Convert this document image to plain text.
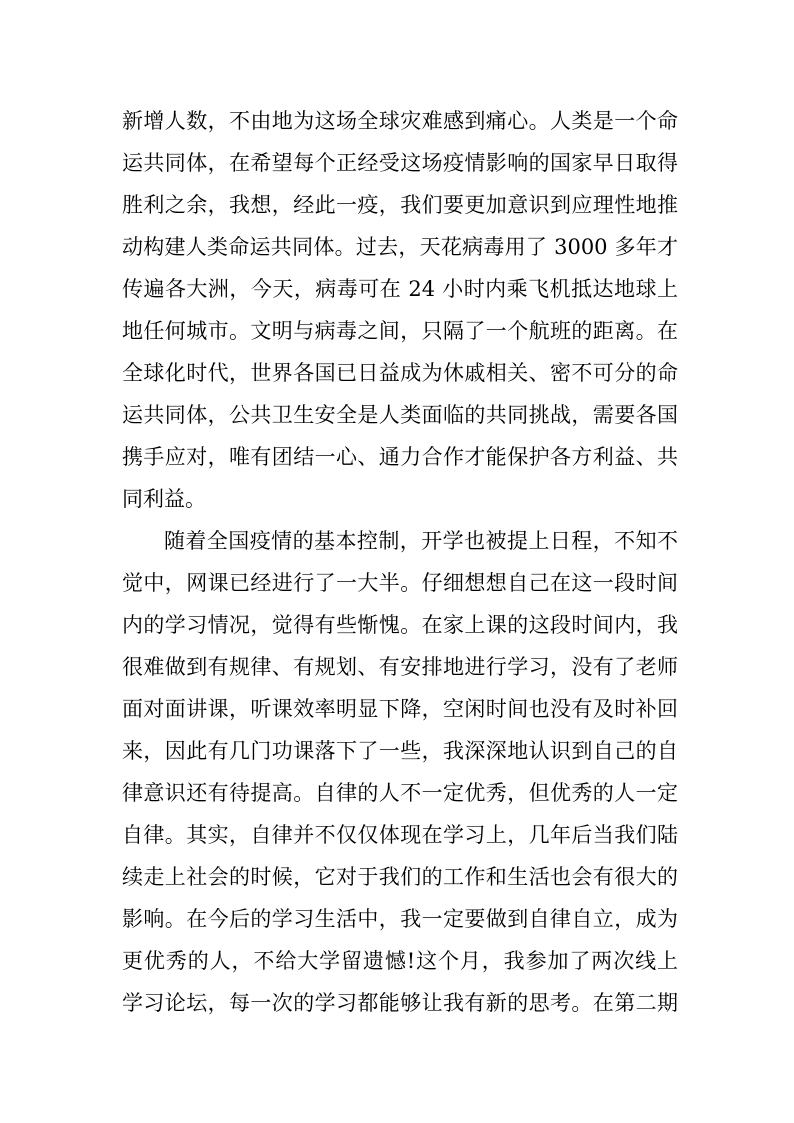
新增人数，不由地为这场全球灾难感到痛心。人类是一个命
运共同体，在希望每个正经受这场疫情影响的国家早日取得
胜利之余，我想，经此一疫，我们要更加意识到应理性地推
动构建人类命运共同体。过去，天花病毒用了 3000 多年才
传遍各大洲，今天，病毒可在 24 小时内乘飞机抵达地球上
地任何城市。文明与病毒之间，只隔了一个航班的距离。在
全球化时代，世界各国已日益成为休戚相关、密不可分的命
运共同体，公共卫生安全是人类面临的共同挑战，需要各国
携手应对，唯有团结一心、通力合作才能保护各方利益、共
同利益。

随着全国疫情的基本控制，开学也被提上日程，不知不
觉中，网课已经进行了一大半。仔细想想自己在这一段时间
内的学习情况，觉得有些惭愧。在家上课的这段时间内，我
很难做到有规律、有规划、有安排地进行学习，没有了老师
面对面讲课，听课效率明显下降，空闲时间也没有及时补回
来，因此有几门功课落下了一些，我深深地认识到自己的自
律意识还有待提高。自律的人不一定优秀，但优秀的人一定
自律。其实，自律并不仅仅体现在学习上，几年后当我们陆
续走上社会的时候，它对于我们的工作和生活也会有很大的
影响。在今后的学习生活中，我一定要做到自律自立，成为
更优秀的人，不给大学留遗憾!这个月，我参加了两次线上
学习论坛，每一次的学习都能够让我有新的思考。在第二期
